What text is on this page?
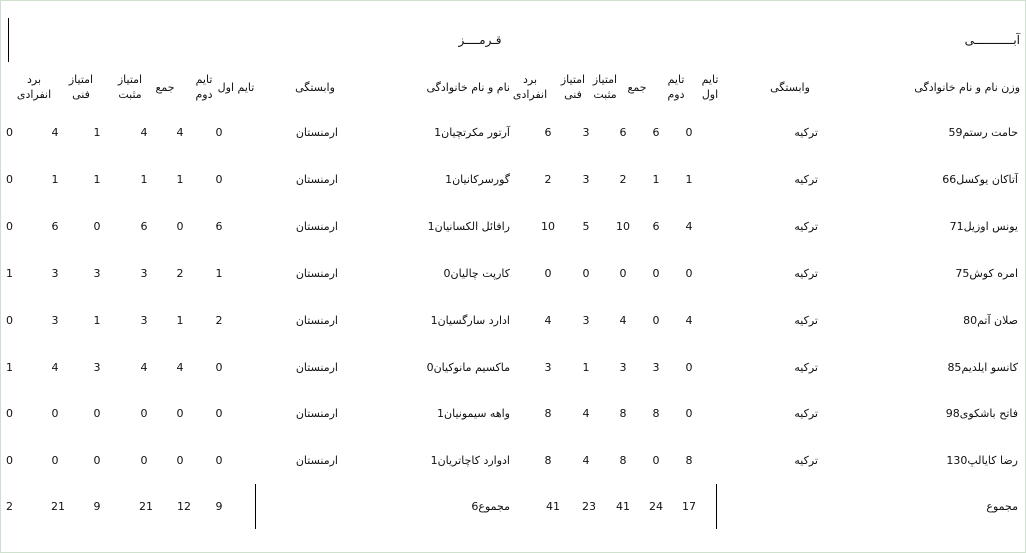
قـرمــــز	آبـــــــــــی
وزن نام و نام خانوادگی
وابستگی
تایم اول
تایم دوم
جمع
امتیاز مثبت
امتیاز فنی
برد انفرادی
نام و نام خانوادگی
وابستگی
تایم اول
تایم دوم
جمع
امتیاز مثبت
امتیاز فنی
برد انفرادی
59حامت رستم
ترکیه
0
6
6
3
6
1آرتور مکرتچیان
ارمنستان
0
4
4
1
4
0
66آتاکان یوکسل
ترکیه
1
1
2
3
2
1گورسرکانیان
ارمنستان
0
1
1
1
1
0
71یونس اوزیل
ترکیه
4
6
10
5
10
1رافائل الکسانیان
ارمنستان
6
0
6
0
6
0
75امره کوش
ترکیه
0
0
0
0
0
0کارپت چالیان
ارمنستان
1
2
3
3
3
1
80صلان آتم
ترکیه
4
0
4
3
4
1ادارد سارگسیان
ارمنستان
2
1
3
1
3
0
85کانسو ایلدیم
ترکیه
0
3
3
1
3
0ماکسیم مانوکیان
ارمنستان
0
4
4
3
4
1
98فاتح باشکوی
ترکیه
0
8
8
4
8
1واهه سیمونیان
ارمنستان
0
0
0
0
0
0
130رضا کایالپ
ترکیه
8
0
8
4
8
1ادوارد کاچاتریان
ارمنستان
0
0
0
0
0
0
مجموع
17
24
41
23
41
6مجموع
9
12
21
9
21
2
